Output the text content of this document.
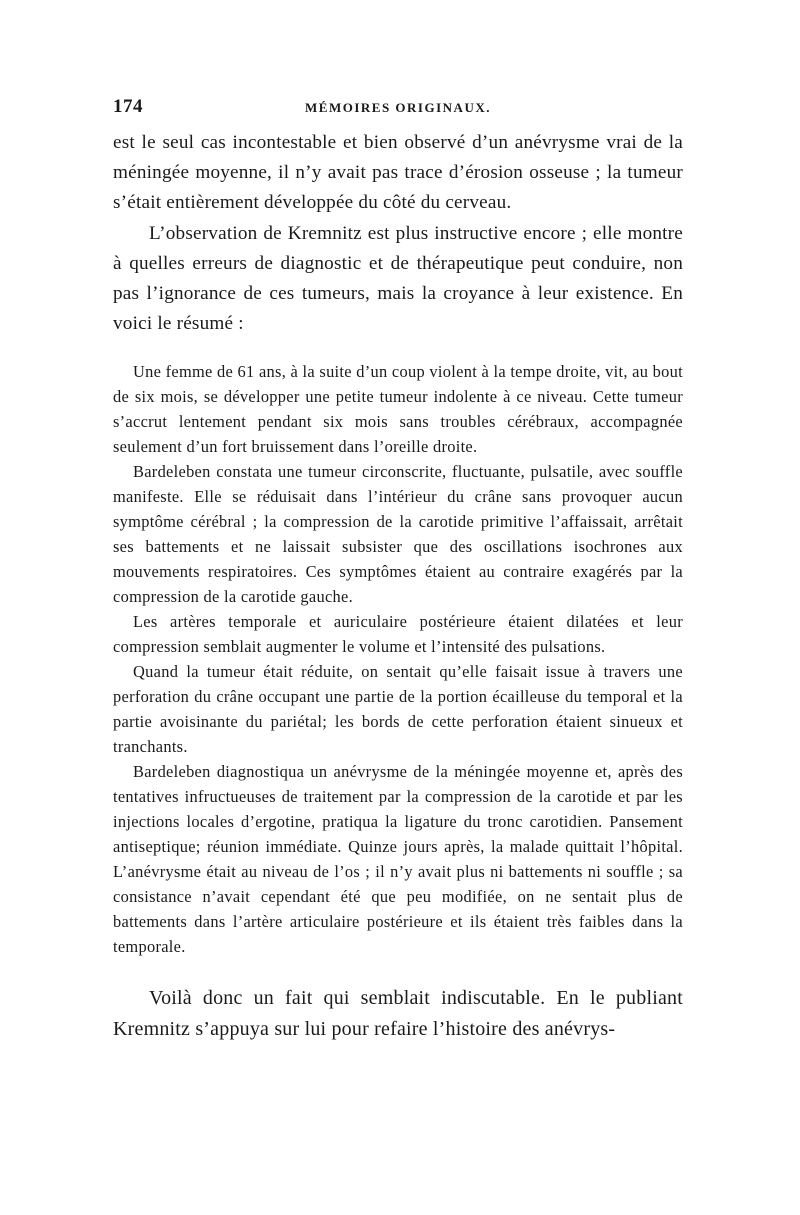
174	MÉMOIRES ORIGINAUX.

est le seul cas incontestable et bien observé d’un anévrysme vrai de la méningée moyenne, il n’y avait pas trace d’érosion osseuse ; la tumeur s’était entièrement développée du côté du cerveau.

L’observation de Kremnitz est plus instructive encore ; elle montre à quelles erreurs de diagnostic et de thérapeutique peut conduire, non pas l’ignorance de ces tumeurs, mais la croyance à leur existence. En voici le résumé :

Une femme de 61 ans, à la suite d’un coup violent à la tempe droite, vit, au bout de six mois, se développer une petite tumeur indolente à ce niveau. Cette tumeur s’accrut lentement pendant six mois sans troubles cérébraux, accompagnée seulement d’un fort bruissement dans l’oreille droite.

Bardeleben constata une tumeur circonscrite, fluctuante, pulsatile, avec souffle manifeste. Elle se réduisait dans l’intérieur du crâne sans provoquer aucun symptôme cérébral ; la compression de la carotide primitive l’affaissait, arrêtait ses battements et ne laissait subsister que des oscillations isochrones aux mouvements respiratoires. Ces symptômes étaient au contraire exagérés par la compression de la carotide gauche.

Les artères temporale et auriculaire postérieure étaient dilatées et leur compression semblait augmenter le volume et l’intensité des pulsations.

Quand la tumeur était réduite, on sentait qu’elle faisait issue à travers une perforation du crâne occupant une partie de la portion écailleuse du temporal et la partie avoisinante du pariétal; les bords de cette perforation étaient sinueux et tranchants.

Bardeleben diagnostiqua un anévrysme de la méningée moyenne et, après des tentatives infructueuses de traitement par la compression de la carotide et par les injections locales d’ergotine, pratiqua la ligature du tronc carotidien. Pansement antiseptique; réunion immédiate. Quinze jours après, la malade quittait l’hôpital. L’anévrysme était au niveau de l’os ; il n’y avait plus ni battements ni souffle ; sa consistance n’avait cependant été que peu modifiée, on ne sentait plus de battements dans l’artère articulaire postérieure et ils étaient très faibles dans la temporale.

Voilà donc un fait qui semblait indiscutable. En le publiant Kremnitz s’appuya sur lui pour refaire l’histoire des anévrys-
